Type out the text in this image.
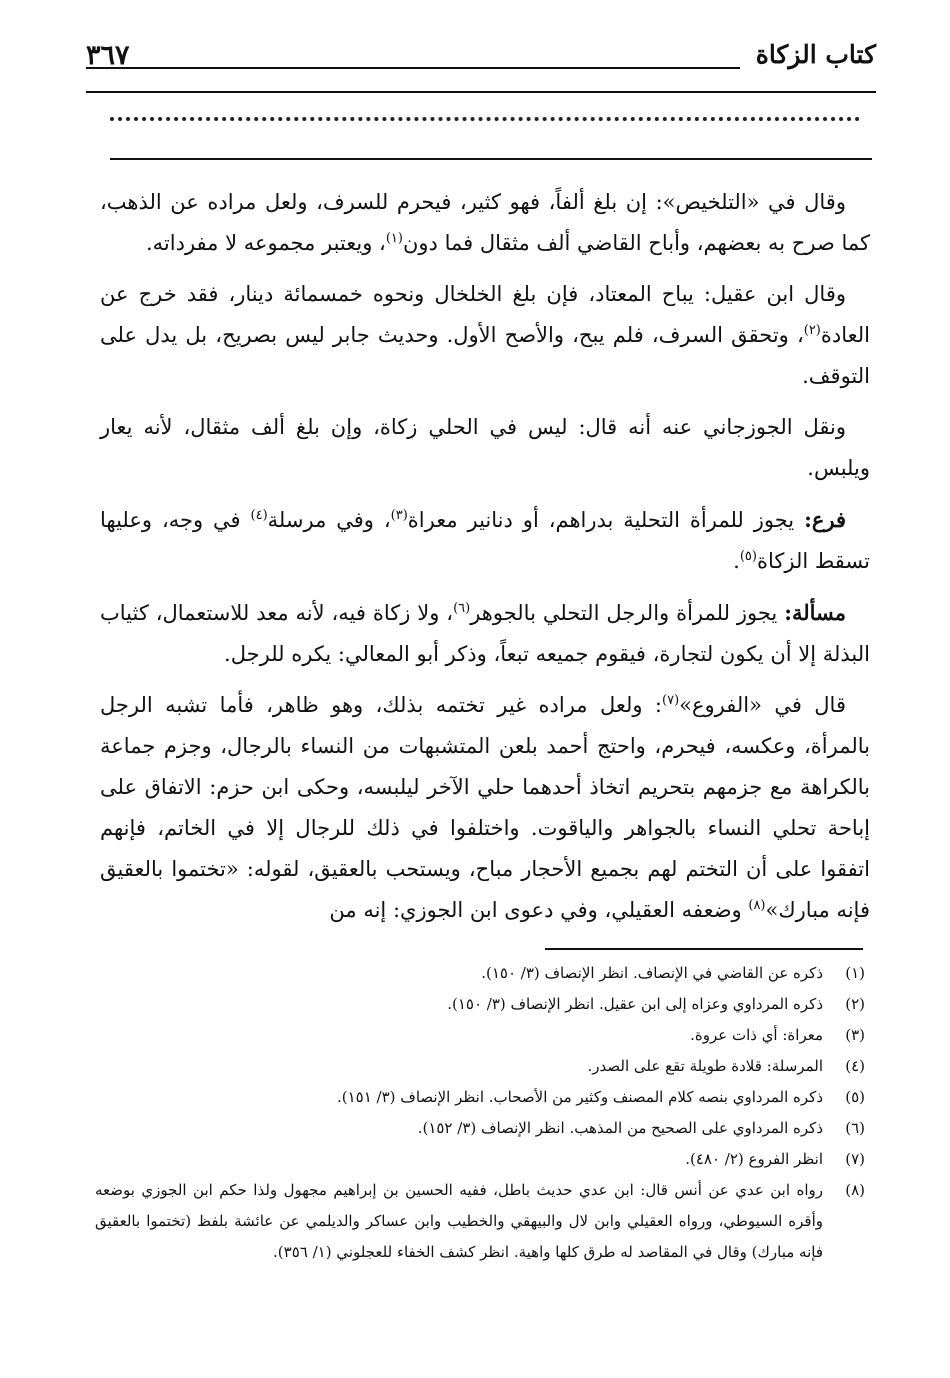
كتاب الزكاة
٣٦٧

وقال في «التلخيص»: إن بلغ ألفاً، فهو كثير، فيحرم للسرف، ولعل مراده عن الذهب، كما صرح به بعضهم، وأباح القاضي ألف مثقال فما دون$^{(١)}$، ويعتبر مجموعه لا مفرداته.

وقال ابن عقيل: يباح المعتاد، فإن بلغ الخلخال ونحوه خمسمائة دينار، فقد خرج عن العادة$^{(٢)}$، وتحقق السرف، فلم يبح، والأصح الأول. وحديث جابر ليس بصريح، بل يدل على التوقف.

ونقل الجوزجاني عنه أنه قال: ليس في الحلي زكاة، وإن بلغ ألف مثقال، لأنه يعار ويلبس.

فرع: يجوز للمرأة التحلية بدراهم، أو دنانير معراة$^{(٣)}$، وفي مرسلة$^{(٤)}$ في وجه، وعليها تسقط الزكاة$^{(٥)}$.

مسألة: يجوز للمرأة والرجل التحلي بالجوهر$^{(٦)}$، ولا زكاة فيه، لأنه معد للاستعمال، كثياب البذلة إلا أن يكون لتجارة، فيقوم جميعه تبعاً، وذكر أبو المعالي: يكره للرجل.

قال في «الفروع»$^{(٧)}$: ولعل مراده غير تختمه بذلك، وهو ظاهر، فأما تشبه الرجل بالمرأة، وعكسه، فيحرم، واحتج أحمد بلعن المتشبهات من النساء بالرجال، وجزم جماعة بالكراهة مع جزمهم بتحريم اتخاذ أحدهما حلي الآخر ليلبسه، وحكى ابن حزم: الاتفاق على إباحة تحلي النساء بالجواهر والياقوت. واختلفوا في ذلك للرجال إلا في الخاتم، فإنهم اتفقوا على أن التختم لهم بجميع الأحجار مباح، ويستحب بالعقيق، لقوله: «تختموا بالعقيق فإنه مبارك»$^{(٨)}$ وضعفه العقيلي، وفي دعوى ابن الجوزي: إنه من

(١)
ذكره عن القاضي في الإنصاف. انظر الإنصاف (٣/ ١٥٠).
(٢)
ذكره المرداوي وعزاه إلى ابن عقيل. انظر الإنصاف (٣/ ١٥٠).
(٣)
معراة: أي ذات عروة.
(٤)
المرسلة: قلادة طويلة تقع على الصدر.
(٥)
ذكره المرداوي بنصه كلام المصنف وكثير من الأصحاب. انظر الإنصاف (٣/ ١٥١).
(٦)
ذكره المرداوي على الصحيح من المذهب. انظر الإنصاف (٣/ ١٥٢).
(٧)
انظر الفروع (٢/ ٤٨٠).
(٨)
رواه ابن عدي عن أنس قال: ابن عدي حديث باطل، ففيه الحسين بن إبراهيم مجهول ولذا حكم ابن الجوزي بوضعه وأقره السيوطي، ورواه العقيلي وابن لال والبيهقي والخطيب وابن عساكر والديلمي عن عائشة بلفظ (تختموا بالعقيق فإنه مبارك) وقال في المقاصد له طرق كلها واهية. انظر كشف الخفاء للعجلوني (١/ ٣٥٦).
